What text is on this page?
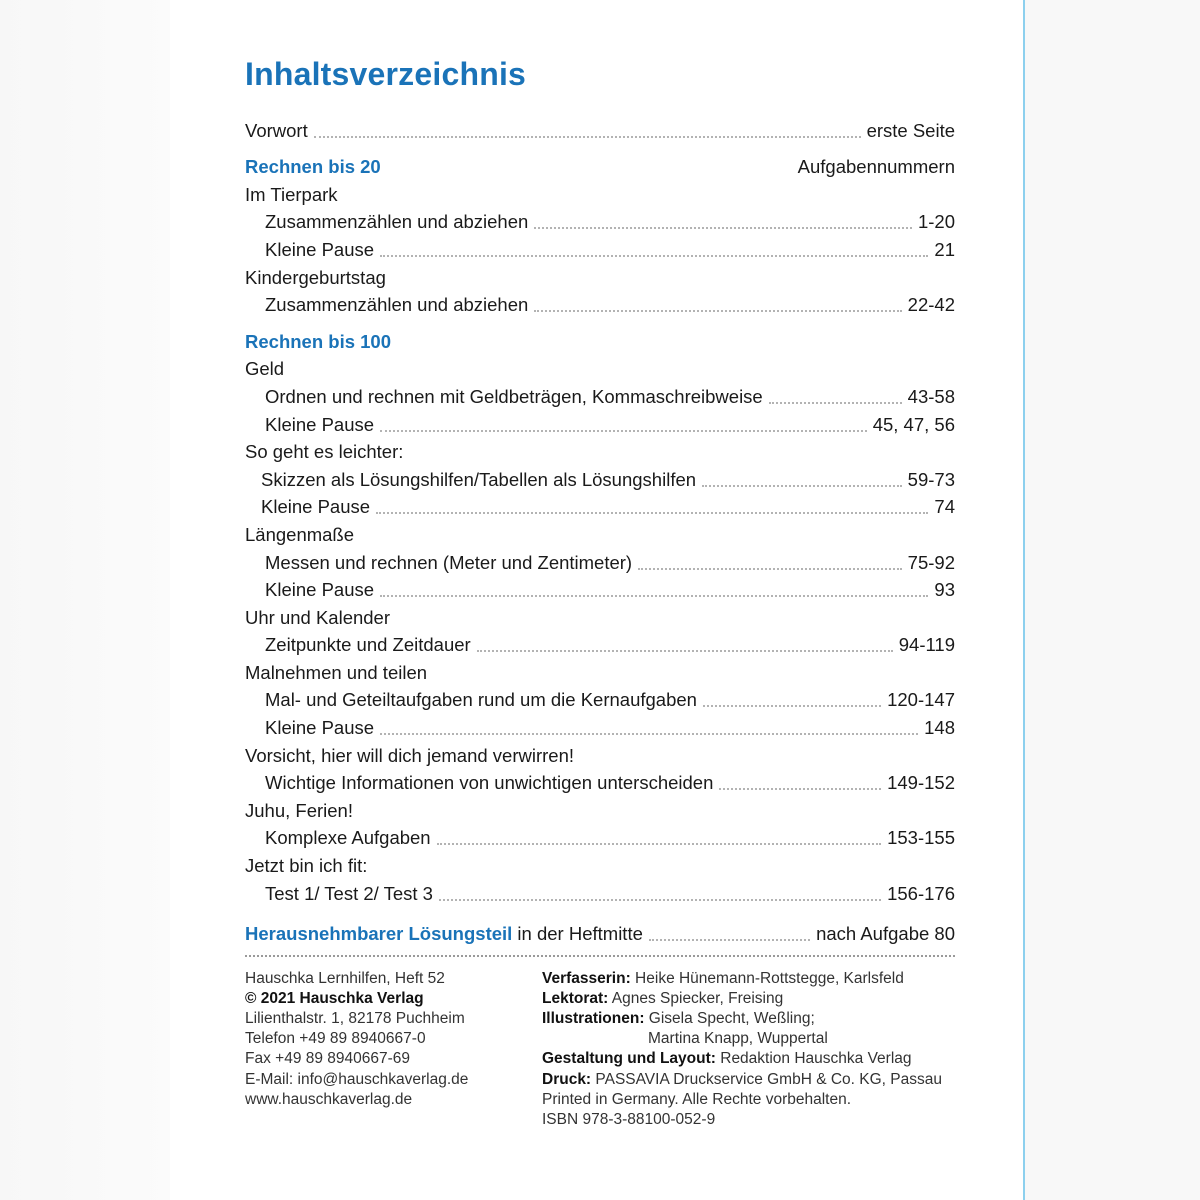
Inhaltsverzeichnis
Vorwort	erste Seite
Rechnen bis 20	Aufgabennummern
Im Tierpark
Zusammenzählen und abziehen	1-20
Kleine Pause	21
Kindergeburtstag
Zusammenzählen und abziehen	22-42
Rechnen bis 100
Geld
Ordnen und rechnen mit Geldbeträgen, Kommaschreibweise	43-58
Kleine Pause	45, 47, 56
So geht es leichter:
Skizzen als Lösungshilfen/Tabellen als Lösungshilfen	59-73
Kleine Pause	74
Längenmaße
Messen und rechnen (Meter und Zentimeter)	75-92
Kleine Pause	93
Uhr und Kalender
Zeitpunkte und Zeitdauer	94-119
Malnehmen und teilen
Mal- und Geteiltaufgaben rund um die Kernaufgaben	120-147
Kleine Pause	148
Vorsicht, hier will dich jemand verwirren!
Wichtige Informationen von unwichtigen unterscheiden	149-152
Juhu, Ferien!
Komplexe Aufgaben	153-155
Jetzt bin ich fit:
Test 1/ Test 2/ Test 3	156-176
Herausnehmbarer Lösungsteil in der Heftmitte	nach Aufgabe 80
Hauschka Lernhilfen, Heft 52
© 2021 Hauschka Verlag
Lilienthalstr. 1, 82178 Puchheim
Telefon +49 89 8940667-0
Fax +49 89 8940667-69
E-Mail: info@hauschkaverlag.de
www.hauschkaverlag.de
Verfasserin: Heike Hünemann-Rottstegge, Karlsfeld
Lektorat: Agnes Spiecker, Freising
Illustrationen: Gisela Specht, Weßling;
Martina Knapp, Wuppertal
Gestaltung und Layout: Redaktion Hauschka Verlag
Druck: PASSAVIA Druckservice GmbH & Co. KG, Passau
Printed in Germany. Alle Rechte vorbehalten.
ISBN 978-3-88100-052-9
